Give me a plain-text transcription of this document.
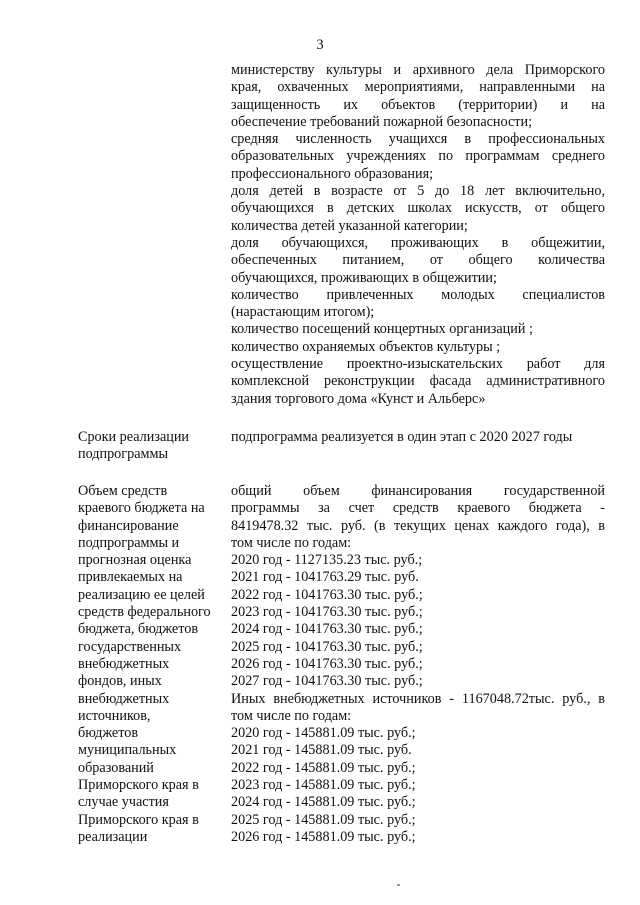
3
министерству культуры и архивного дела Приморского
края, охваченных мероприятиями, направленными на
защищенность их объектов (территории) и на
обеспечение требований пожарной безопасности;
средняя численность учащихся в профессиональных
образовательных учреждениях по программам среднего
профессионального образования;
доля детей в возрасте от 5 до 18 лет включительно,
обучающихся в детских школах искусств, от общего
количества детей указанной категории;
доля обучающихся, проживающих в общежитии,
обеспеченных питанием, от общего количества
обучающихся, проживающих в общежитии;
количество привлеченных молодых специалистов
(нарастающим итогом);
количество посещений концертных организаций ;
количество охраняемых объектов культуры ;
осуществление проектно-изыскательских работ для
комплексной реконструкции фасада административного
здания торгового дома «Кунст и Альберс»
Сроки реализации
подпрограммы
подпрограмма реализуется в один этап с 2020 2027 годы
Объем средств
краевого бюджета на
финансирование
подпрограммы и
прогнозная оценка
привлекаемых на
реализацию ее целей
средств федерального
бюджета, бюджетов
государственных
внебюджетных
фондов, иных
внебюджетных
источников,
бюджетов
муниципальных
образований
Приморского края в
случае участия
Приморского края в
реализации
общий объем финансирования государственной
программы за счет средств краевого бюджета -
8419478.32 тыс. руб. (в текущих ценах каждого года), в
том числе по годам:
2020 год - 1127135.23 тыс. руб.;
2021 год - 1041763.29 тыс. руб.
2022 год - 1041763.30 тыс. руб.;
2023 год - 1041763.30 тыс. руб.;
2024 год - 1041763.30 тыс. руб.;
2025 год - 1041763.30 тыс. руб.;
2026 год - 1041763.30 тыс. руб.;
2027 год - 1041763.30 тыс. руб.;
Иных внебюджетных источников - 1167048.72тыс. руб., в
том числе по годам:
2020 год - 145881.09 тыс. руб.;
2021 год - 145881.09 тыс. руб.
2022 год - 145881.09 тыс. руб.;
2023 год - 145881.09 тыс. руб.;
2024 год - 145881.09 тыс. руб.;
2025 год - 145881.09 тыс. руб.;
2026 год - 145881.09 тыс. руб.;
